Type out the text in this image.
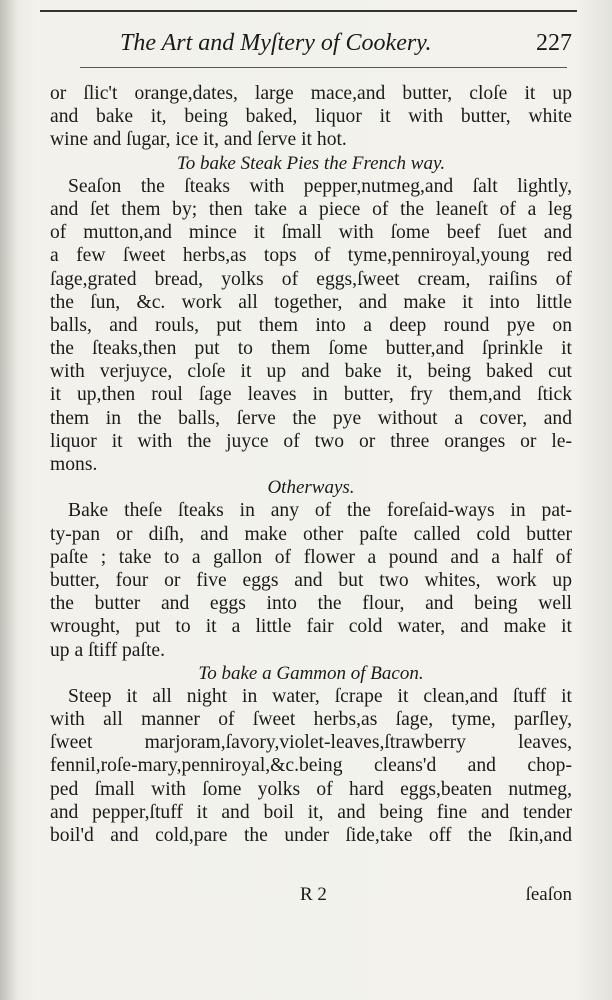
The Art and Myſtery of Cookery.	227
or ſlic't orange,dates, large mace,and butter, cloſe it up
and bake it, being baked, liquor it with butter, white
wine and ſugar, ice it, and ſerve it hot.
To bake Steak Pies the French way.
Seaſon the ſteaks with pepper,nutmeg,and ſalt lightly,
and ſet them by; then take a piece of the leaneſt of a leg
of mutton,and mince it ſmall with ſome beef ſuet and
a few ſweet herbs,as tops of tyme,penniroyal,young red
ſage,grated bread, yolks of eggs,ſweet cream, raiſins of
the ſun, &c. work all together, and make it into little
balls, and rouls, put them into a deep round pye on
the ſteaks,then put to them ſome butter,and ſprinkle it
with verjuyce, cloſe it up and bake it, being baked cut
it up,then roul ſage leaves in butter, fry them,and ſtick
them in the balls, ſerve the pye without a cover, and
liquor it with the juyce of two or three oranges or le-
mons.
Otherways.
Bake theſe ſteaks in any of the foreſaid-ways in pat-
ty-pan or diſh, and make other paſte called cold butter
paſte ; take to a gallon of flower a pound and a half of
butter, four or five eggs and but two whites, work up
the butter and eggs into the flour, and being well
wrought, put to it a little fair cold water, and make it
up a ſtiff paſte.
To bake a Gammon of Bacon.
Steep it all night in water, ſcrape it clean,and ſtuff it
with all manner of ſweet herbs,as ſage, tyme, parſley,
ſweet marjoram,ſavory,violet-leaves,ſtrawberry leaves,
fennil,roſe-mary,penniroyal,&c.being cleans'd and chop-
ped ſmall with ſome yolks of hard eggs,beaten nutmeg,
and pepper,ſtuff it and boil it, and being fine and tender
boil'd and cold,pare the under ſide,take off the ſkin,and
R 2	ſeaſon
